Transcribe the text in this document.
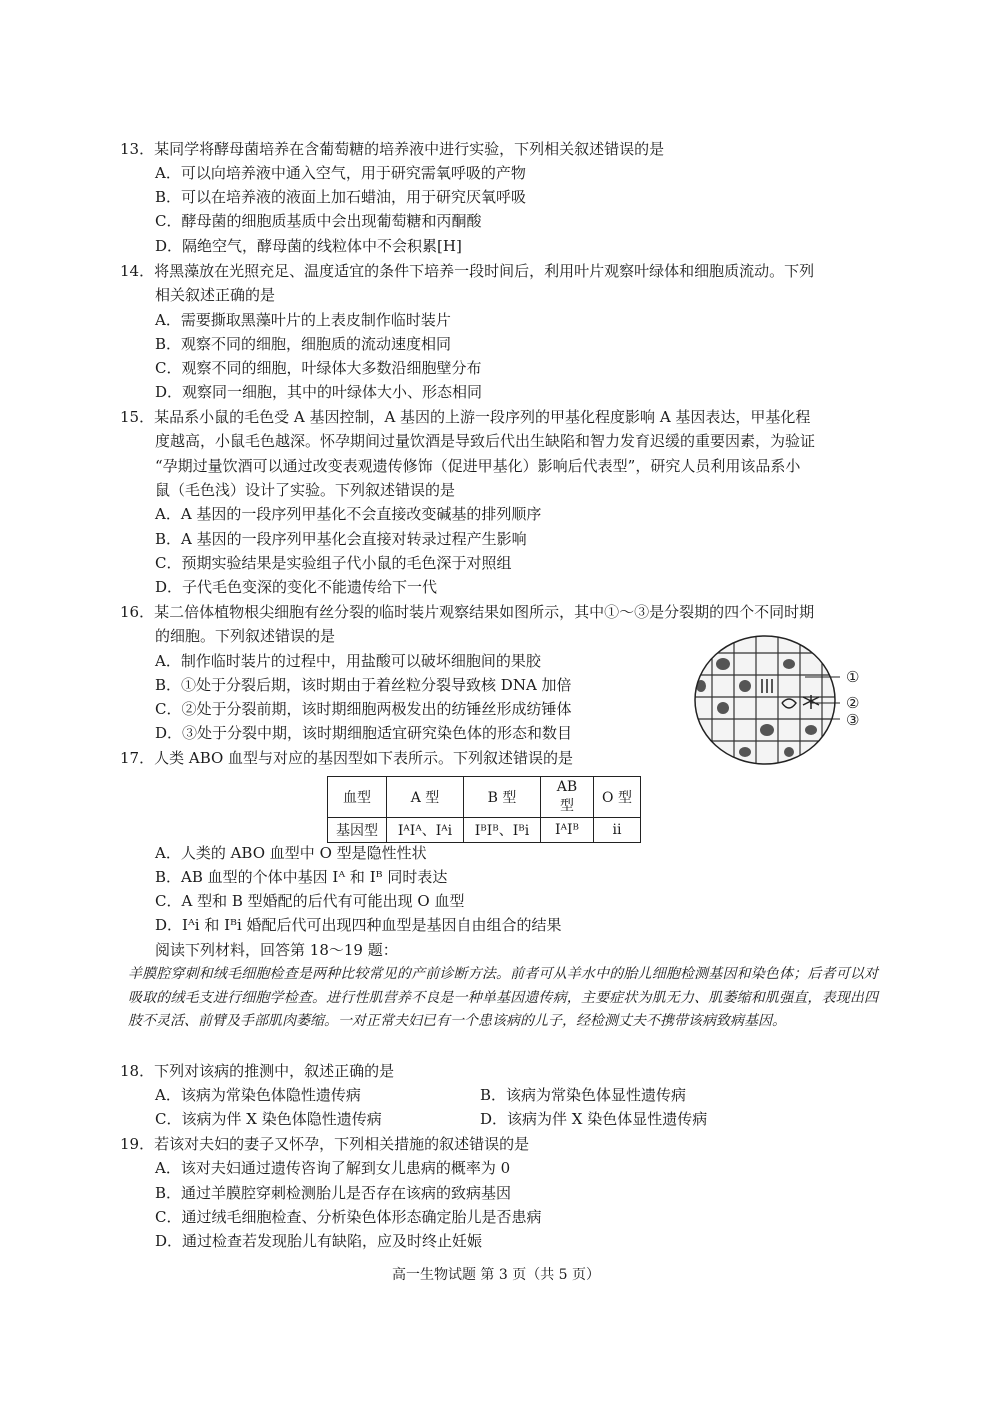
13．某同学将酵母菌培养在含葡萄糖的培养液中进行实验，下列相关叙述错误的是
A．可以向培养液中通入空气，用于研究需氧呼吸的产物
B．可以在培养液的液面上加石蜡油，用于研究厌氧呼吸
C．酵母菌的细胞质基质中会出现葡萄糖和丙酮酸
D．隔绝空气，酵母菌的线粒体中不会积累[H]
14．将黑藻放在光照充足、温度适宜的条件下培养一段时间后，利用叶片观察叶绿体和细胞质流动。下列
相关叙述正确的是
A．需要撕取黑藻叶片的上表皮制作临时装片
B．观察不同的细胞，细胞质的流动速度相同
C．观察不同的细胞，叶绿体大多数沿细胞壁分布
D．观察同一细胞，其中的叶绿体大小、形态相同
15．某品系小鼠的毛色受 A 基因控制，A 基因的上游一段序列的甲基化程度影响 A 基因表达，甲基化程
度越高，小鼠毛色越深。怀孕期间过量饮酒是导致后代出生缺陷和智力发育迟缓的重要因素，为验证
“孕期过量饮酒可以通过改变表观遗传修饰（促进甲基化）影响后代表型”，研究人员利用该品系小
鼠（毛色浅）设计了实验。下列叙述错误的是
A．A 基因的一段序列甲基化不会直接改变碱基的排列顺序
B．A 基因的一段序列甲基化会直接对转录过程产生影响
C．预期实验结果是实验组子代小鼠的毛色深于对照组
D．子代毛色变深的变化不能遗传给下一代
16．某二倍体植物根尖细胞有丝分裂的临时装片观察结果如图所示，其中①～③是分裂期的四个不同时期
的细胞。下列叙述错误的是
A．制作临时装片的过程中，用盐酸可以破坏细胞间的果胶
B．①处于分裂后期，该时期由于着丝粒分裂导致核 DNA 加倍
C．②处于分裂前期，该时期细胞两极发出的纺锤丝形成纺锤体
D．③处于分裂中期，该时期细胞适宜研究染色体的形态和数目
①
②
③
17．人类 ABO 血型与对应的基因型如下表所示。下列叙述错误的是
血型	A 型	B 型	AB 型	O 型
基因型	IᴬIᴬ、Iᴬi	IᴮIᴮ、Iᴮi	IᴬIᴮ	ii
A．人类的 ABO 血型中 O 型是隐性性状
B．AB 血型的个体中基因 Iᴬ 和 Iᴮ 同时表达
C．A 型和 B 型婚配的后代有可能出现 O 血型
D．Iᴬi 和 Iᴮi 婚配后代可出现四种血型是基因自由组合的结果
阅读下列材料，回答第 18～19 题：
羊膜腔穿刺和绒毛细胞检查是两种比较常见的产前诊断方法。前者可从羊水中的胎儿细胞检测基因和染色体；后者可以对吸取的绒毛支进行细胞学检查。进行性肌营养不良是一种单基因遗传病，主要症状为肌无力、肌萎缩和肌强直，表现出四肢不灵活、前臂及手部肌肉萎缩。一对正常夫妇已有一个患该病的儿子，经检测丈夫不携带该病致病基因。
18．下列对该病的推测中，叙述正确的是
A．该病为常染色体隐性遗传病	B．该病为常染色体显性遗传病
C．该病为伴 X 染色体隐性遗传病	D．该病为伴 X 染色体显性遗传病
19．若该对夫妇的妻子又怀孕，下列相关措施的叙述错误的是
A．该对夫妇通过遗传咨询了解到女儿患病的概率为 0
B．通过羊膜腔穿刺检测胎儿是否存在该病的致病基因
C．通过绒毛细胞检查、分析染色体形态确定胎儿是否患病
D．通过检查若发现胎儿有缺陷，应及时终止妊娠
高一生物试题 第 3 页（共 5 页）
